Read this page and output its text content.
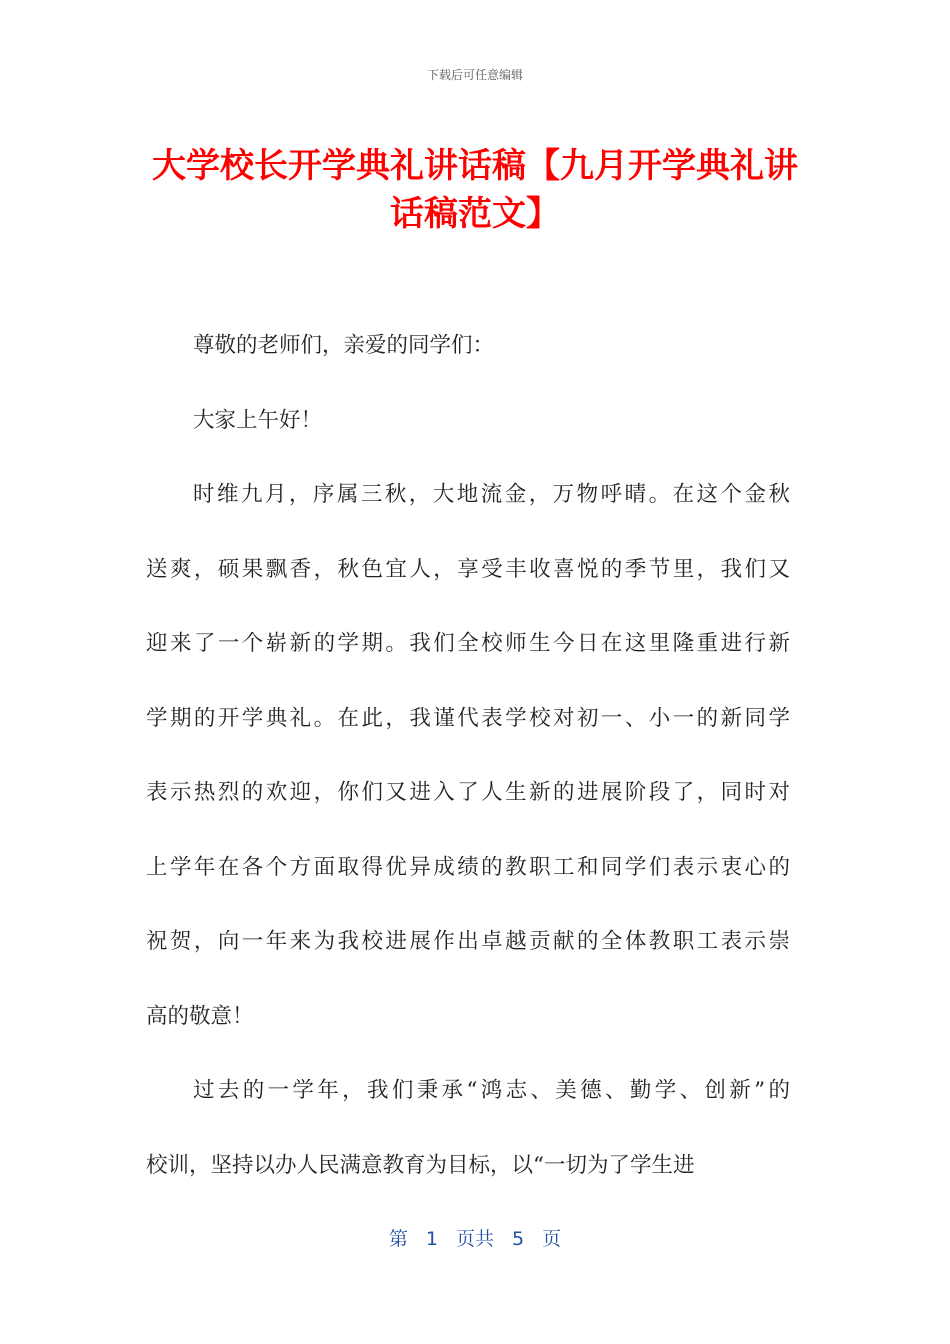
下载后可任意编辑
大学校长开学典礼讲话稿【九月开学典礼讲
话稿范文】
尊敬的老师们，亲爱的同学们：
大家上午好！
时维九月，序属三秋，大地流金，万物呼晴。在这个金秋
送爽，硕果飘香，秋色宜人，享受丰收喜悦的季节里，我们又
迎来了一个崭新的学期。我们全校师生今日在这里隆重进行新
学期的开学典礼。在此，我谨代表学校对初一、小一的新同学
表示热烈的欢迎，你们又进入了人生新的进展阶段了，同时对
上学年在各个方面取得优异成绩的教职工和同学们表示衷心的
祝贺，向一年来为我校进展作出卓越贡献的全体教职工表示崇
高的敬意！
过去的一学年，我们秉承“鸿志、美德、勤学、创新”的
校训，坚持以办人民满意教育为目标，以“一切为了学生进
第 1 页共 5 页
